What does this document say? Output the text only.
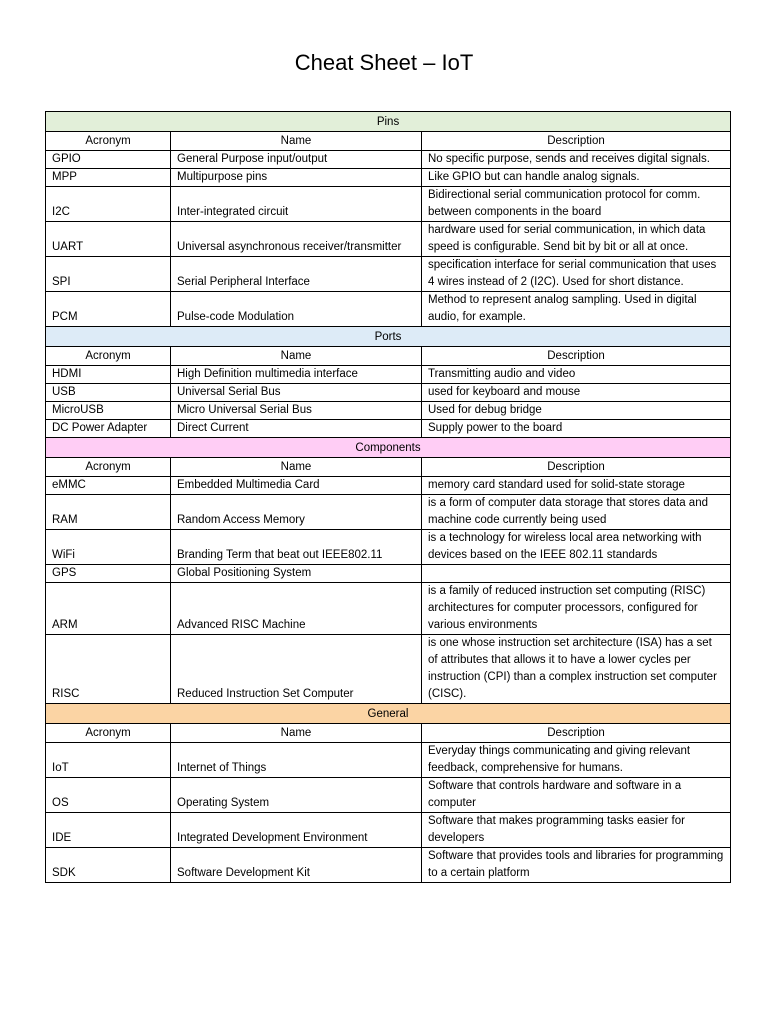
Cheat Sheet – IoT
Pins		
Acronym	Name	Description
GPIO	General Purpose input/output	No specific purpose, sends and receives digital signals.
MPP	Multipurpose pins	Like GPIO but can handle analog signals.
I2C	Inter-integrated circuit	Bidirectional serial communication protocol for comm. between components in the board
UART	Universal asynchronous receiver/transmitter	hardware used for serial communication, in which data speed is configurable. Send bit by bit or all at once.
SPI	Serial Peripheral Interface	specification interface for serial communication that uses 4 wires instead of 2 (I2C). Used for short distance.
PCM	Pulse-code Modulation	Method to represent analog sampling. Used in digital audio, for example.
Ports		
Acronym	Name	Description
HDMI	High Definition multimedia interface	Transmitting audio and video
USB	Universal Serial Bus	used for keyboard and mouse
MicroUSB	Micro Universal Serial Bus	Used for debug bridge
DC Power Adapter	Direct Current	Supply power to the board
Components		
Acronym	Name	Description
eMMC	Embedded Multimedia Card	memory card standard used for solid-state storage
RAM	Random Access Memory	is a form of computer data storage that stores data and machine code currently being used
WiFi	Branding Term that beat out IEEE802.11	is a technology for wireless local area networking with devices based on the IEEE 802.11 standards
GPS	Global Positioning System	
ARM	Advanced RISC Machine	is a family of reduced instruction set computing (RISC) architectures for computer processors, configured for various environments
RISC	Reduced Instruction Set Computer	is one whose instruction set architecture (ISA) has a set of attributes that allows it to have a lower cycles per instruction (CPI) than a complex instruction set computer (CISC).
General		
Acronym	Name	Description
IoT	Internet of Things	Everyday things communicating and giving relevant feedback, comprehensive for humans.
OS	Operating System	Software that controls hardware and software in a computer
IDE	Integrated Development Environment	Software that makes programming tasks easier for developers
SDK	Software Development Kit	Software that provides tools and libraries for programming to a certain platform
